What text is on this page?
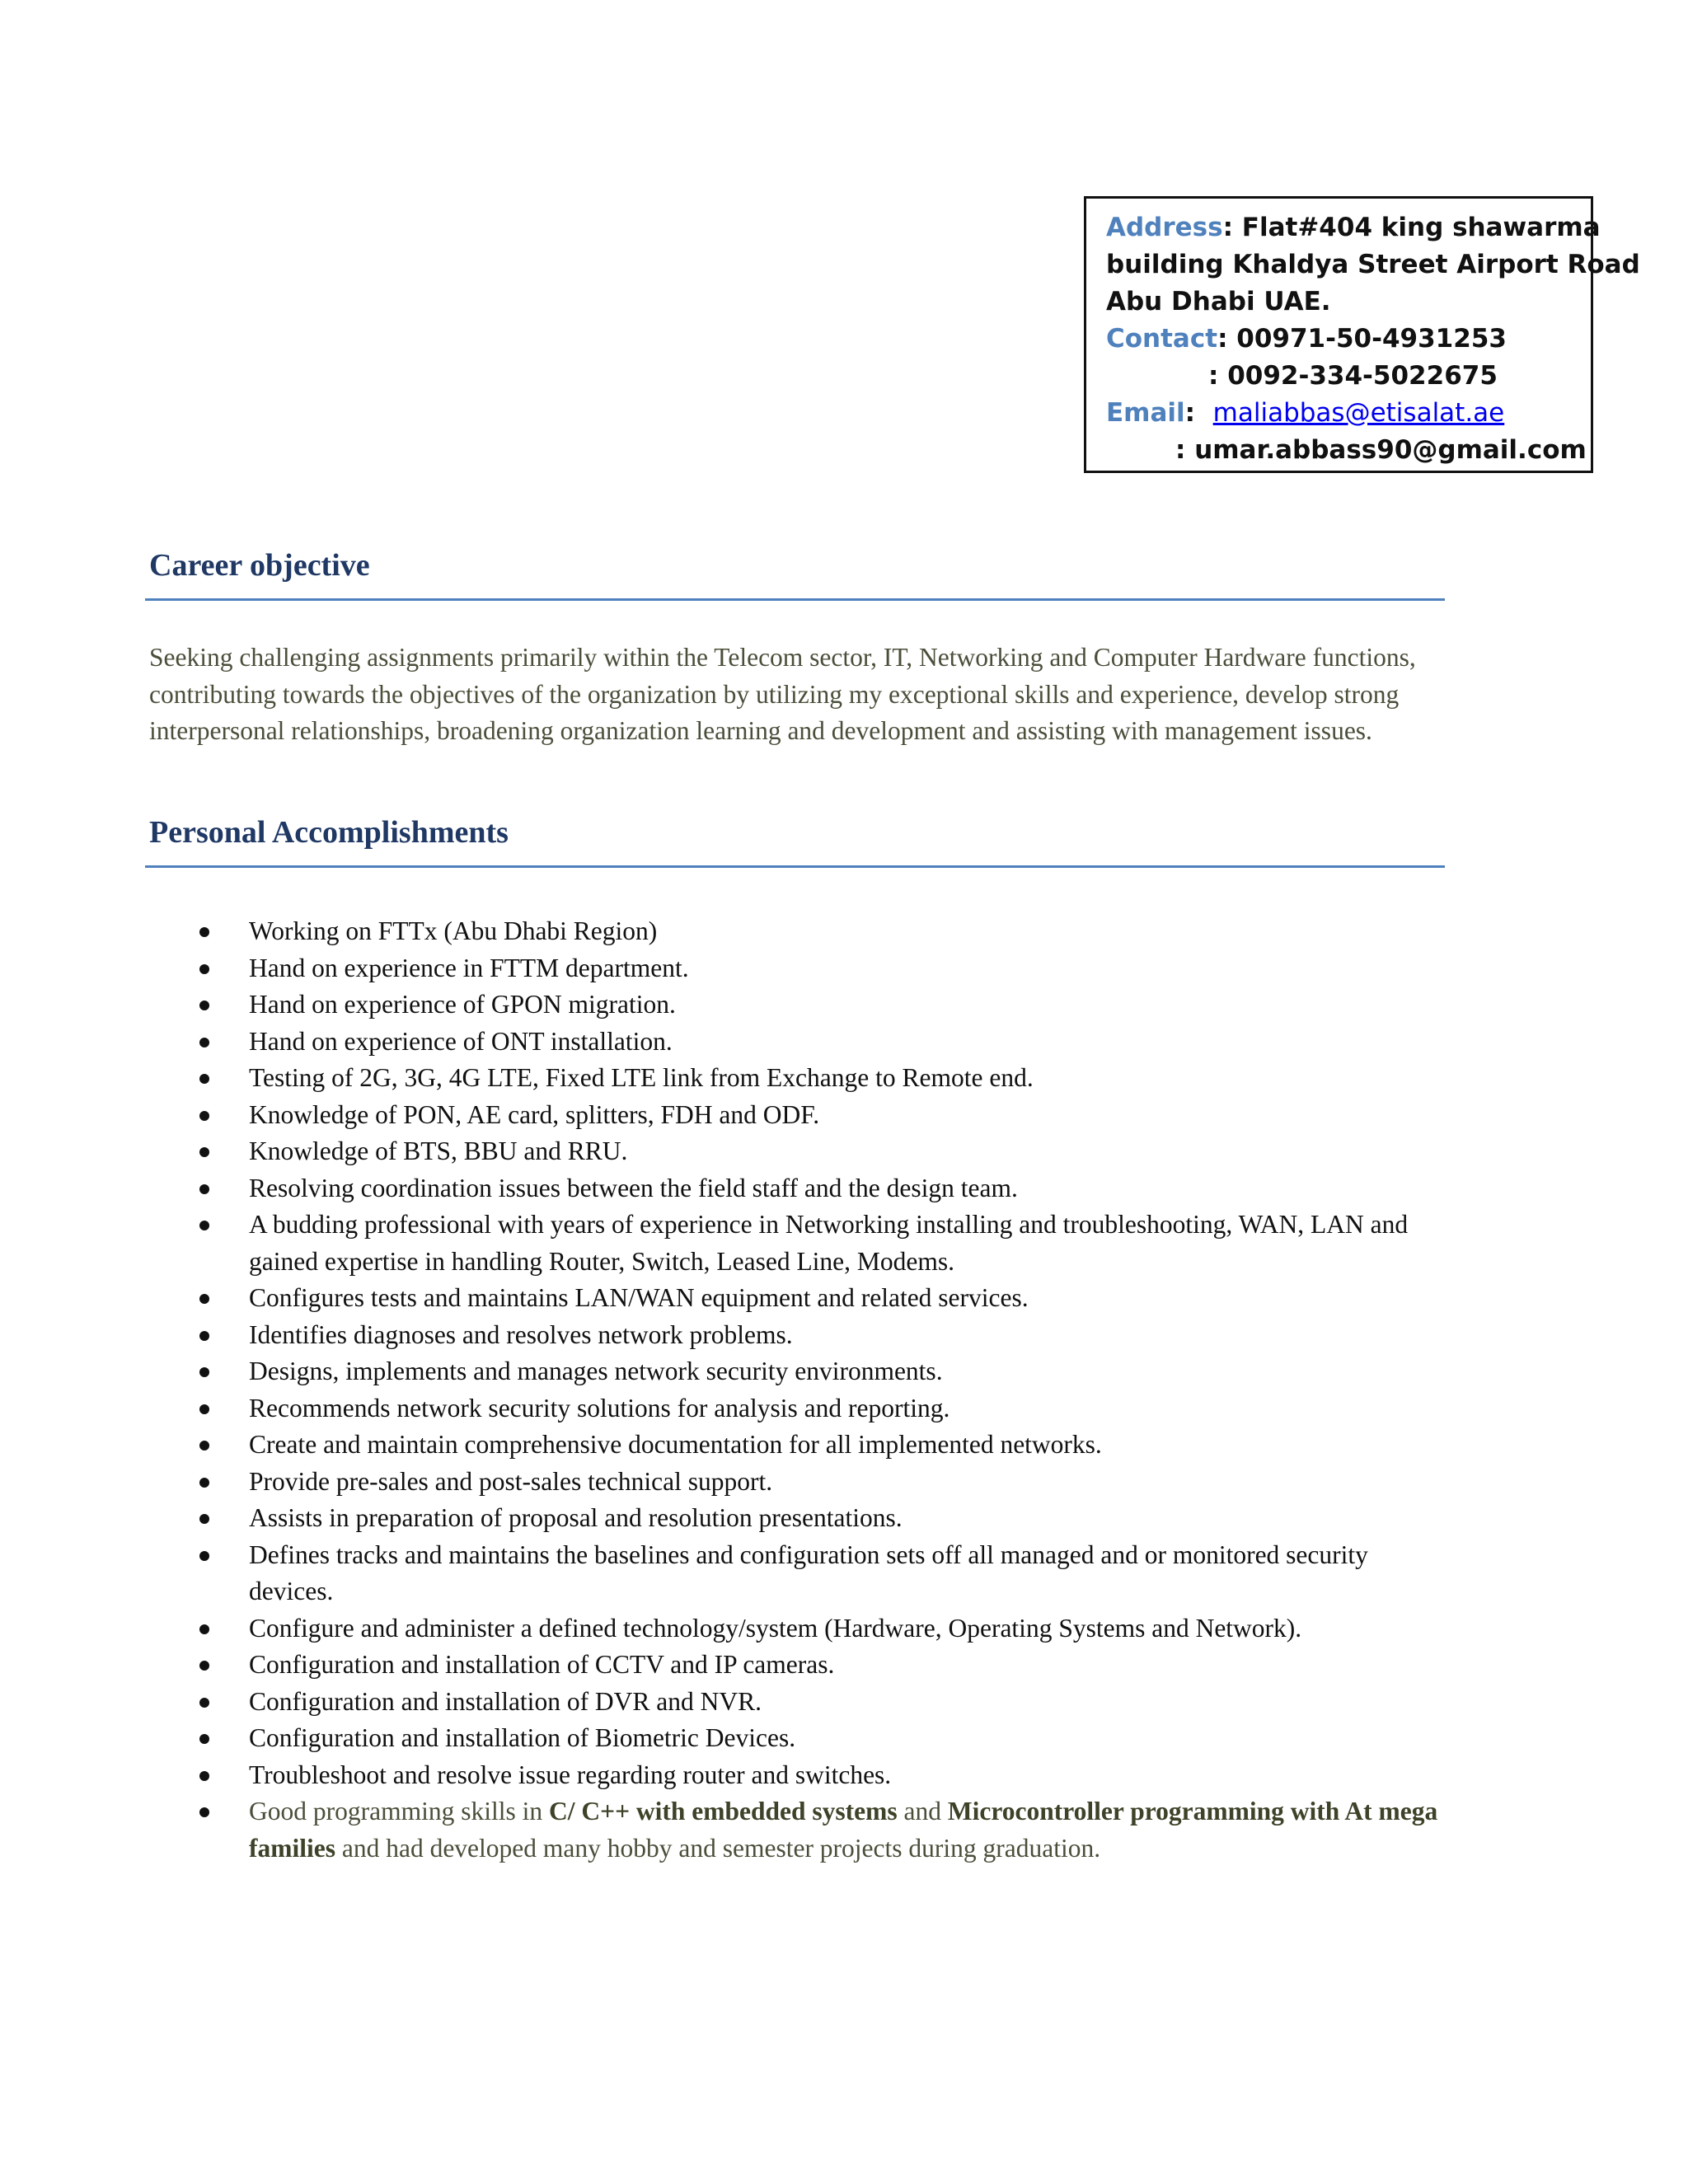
Address: Flat#404 king shawarma
building Khaldya Street Airport Road
Abu Dhabi UAE.
Contact: 00971-50-4931253
: 0092-334-5022675
Email: maliabbas@etisalat.ae
: umar.abbass90@gmail.com
Career objective

Seeking challenging assignments primarily within the Telecom sector, IT, Networking and Computer Hardware functions, contributing towards the objectives of the organization by utilizing my exceptional skills and experience, develop strong interpersonal relationships, broadening organization learning and development and assisting with management issues.

Personal Accomplishments
Working on FTTx (Abu Dhabi Region)
Hand on experience in FTTM department.
Hand on experience of GPON migration.
Hand on experience of ONT installation.
Testing of 2G, 3G, 4G LTE, Fixed LTE link from Exchange to Remote end.
Knowledge of PON, AE card, splitters, FDH and ODF.
Knowledge of BTS, BBU and RRU.
Resolving coordination issues between the field staff and the design team.
A budding professional with years of experience in Networking installing and troubleshooting, WAN, LAN and gained expertise in handling Router, Switch, Leased Line, Modems.
Configures tests and maintains LAN/WAN equipment and related services.
Identifies diagnoses and resolves network problems.
Designs, implements and manages network security environments.
Recommends network security solutions for analysis and reporting.
Create and maintain comprehensive documentation for all implemented networks.
Provide pre-sales and post-sales technical support.
Assists in preparation of proposal and resolution presentations.
Defines tracks and maintains the baselines and configuration sets off all managed and or monitored security devices.
Configure and administer a defined technology/system (Hardware, Operating Systems and Network).
Configuration and installation of CCTV and IP cameras.
Configuration and installation of DVR and NVR.
Configuration and installation of Biometric Devices.
Troubleshoot and resolve issue regarding router and switches.
Good programming skills in C/ C++ with embedded systems and Microcontroller programming with At mega families and had developed many hobby and semester projects during graduation.
